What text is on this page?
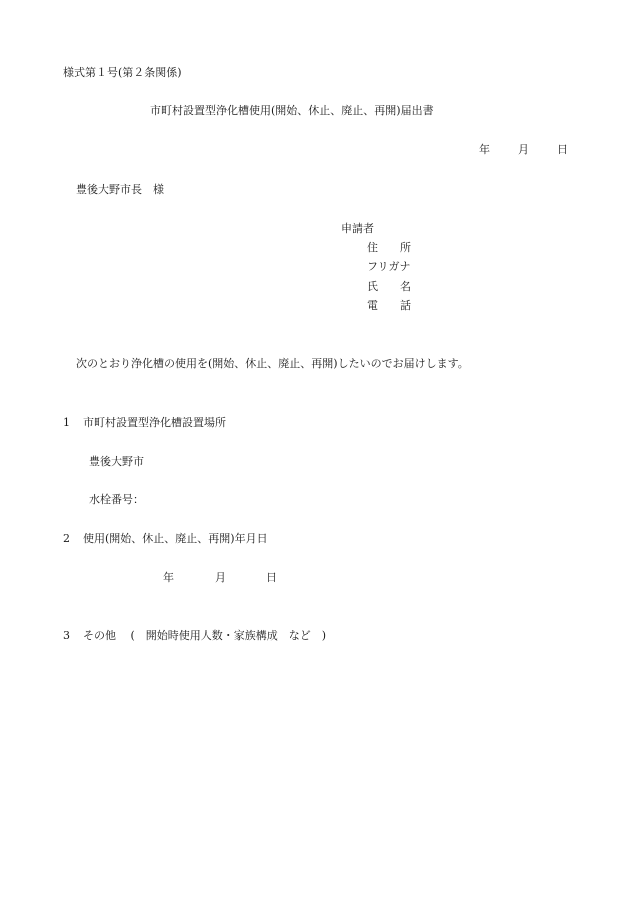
様式第１号(第２条関係)
市町村設置型浄化槽使用(開始、休止、廃止、再開)届出書
年	月	日
豊後大野市長　様
申請者
住　　所
フリガナ
氏　　名
電　　話
次のとおり浄化槽の使用を(開始、休止、廃止、再開)したいのでお届けします。
1 市町村設置型浄化槽設置場所
豊後大野市
水栓番号：
2 使用(開始、休止、廃止、再開)年月日
年	月	日
3 その他　 (　開始時使用人数・家族構成　など　)
